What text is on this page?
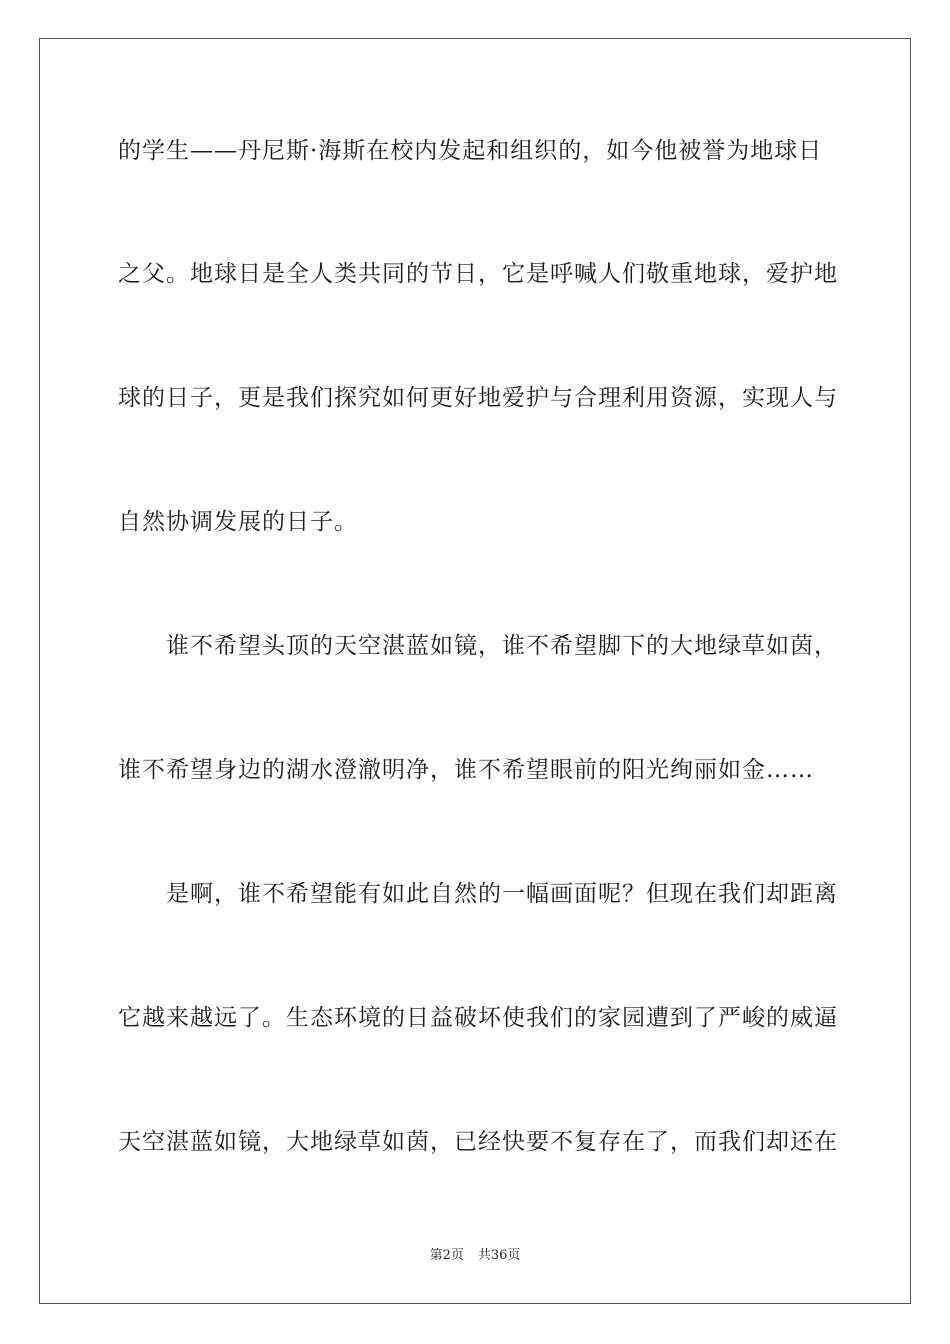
的学生——丹尼斯·海斯在校内发起和组织的，如今他被誉为地球日
之父。地球日是全人类共同的节日，它是呼喊人们敬重地球，爱护地
球的日子，更是我们探究如何更好地爱护与合理利用资源，实现人与
自然协调发展的日子。
　　谁不希望头顶的天空湛蓝如镜，谁不希望脚下的大地绿草如茵，
谁不希望身边的湖水澄澈明净，谁不希望眼前的阳光绚丽如金……
　　是啊，谁不希望能有如此自然的一幅画面呢？但现在我们却距离
它越来越远了。生态环境的日益破坏使我们的家园遭到了严峻的威逼
天空湛蓝如镜，大地绿草如茵，已经快要不复存在了，而我们却还在
第2页 共36页
